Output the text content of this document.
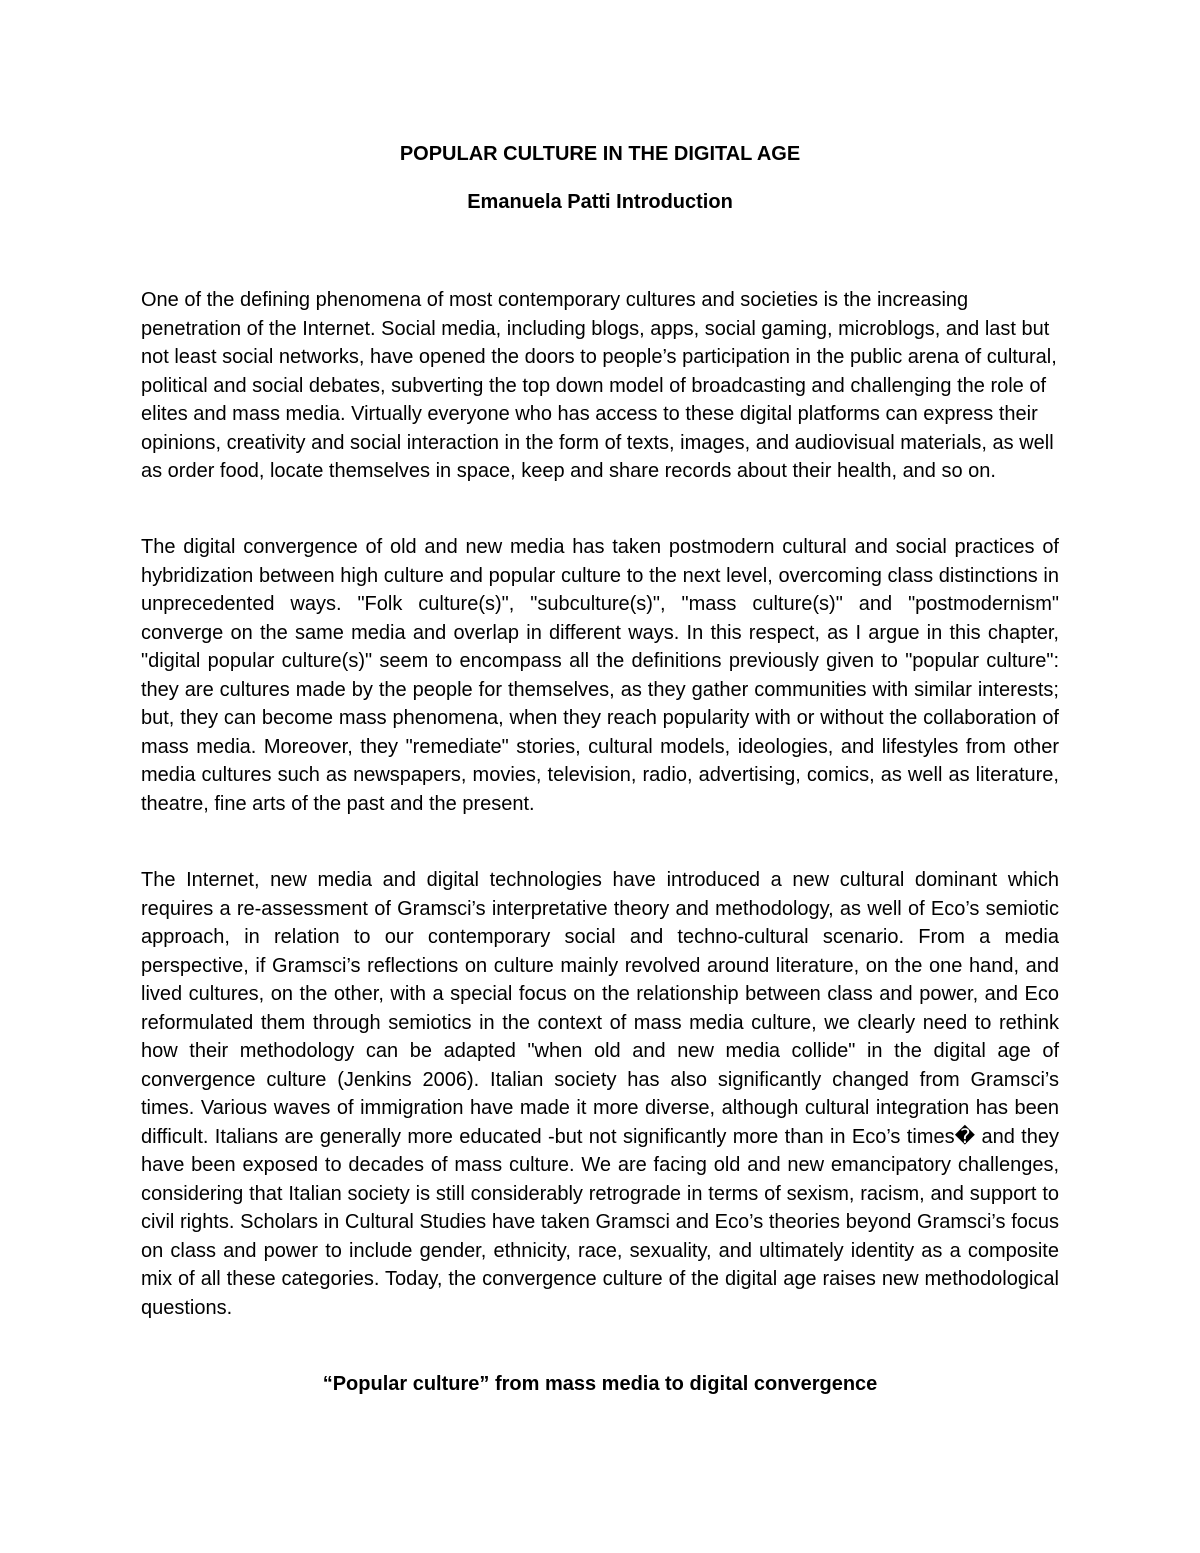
POPULAR CULTURE IN THE DIGITAL AGE
Emanuela Patti Introduction

One of the defining phenomena of most contemporary cultures and societies is the increasing penetration of the Internet. Social media, including blogs, apps, social gaming, microblogs, and last but not least social networks, have opened the doors to people’s participation in the public arena of cultural, political and social debates, subverting the top down model of broadcasting and challenging the role of elites and mass media. Virtually everyone who has access to these digital platforms can express their opinions, creativity and social interaction in the form of texts, images, and audiovisual materials, as well as order food, locate themselves in space, keep and share records about their health, and so on.

The digital convergence of old and new media has taken postmodern cultural and social practices of hybridization between high culture and popular culture to the next level, overcoming class distinctions in unprecedented ways. "Folk culture(s)", "subculture(s)", "mass culture(s)" and "postmodernism" converge on the same media and overlap in different ways. In this respect, as I argue in this chapter, "digital popular culture(s)" seem to encompass all the definitions previously given to "popular culture": they are cultures made by the people for themselves, as they gather communities with similar interests; but, they can become mass phenomena, when they reach popularity with or without the collaboration of mass media. Moreover, they "remediate" stories, cultural models, ideologies, and lifestyles from other media cultures such as newspapers, movies, television, radio, advertising, comics, as well as literature, theatre, fine arts of the past and the present.

The Internet, new media and digital technologies have introduced a new cultural dominant which requires a re-assessment of Gramsci’s interpretative theory and methodology, as well of Eco’s semiotic approach, in relation to our contemporary social and techno-cultural scenario. From a media perspective, if Gramsci’s reflections on culture mainly revolved around literature, on the one hand, and lived cultures, on the other, with a special focus on the relationship between class and power, and Eco reformulated them through semiotics in the context of mass media culture, we clearly need to rethink how their methodology can be adapted "when old and new media collide" in the digital age of convergence culture (Jenkins 2006). Italian society has also significantly changed from Gramsci’s times. Various waves of immigration have made it more diverse, although cultural integration has been difficult. Italians are generally more educated -but not significantly more than in Eco’s times� and they have been exposed to decades of mass culture. We are facing old and new emancipatory challenges, considering that Italian society is still considerably retrograde in terms of sexism, racism, and support to civil rights. Scholars in Cultural Studies have taken Gramsci and Eco’s theories beyond Gramsci’s focus on class and power to include gender, ethnicity, race, sexuality, and ultimately identity as a composite mix of all these categories. Today, the convergence culture of the digital age raises new methodological questions.

“Popular culture” from mass media to digital convergence
